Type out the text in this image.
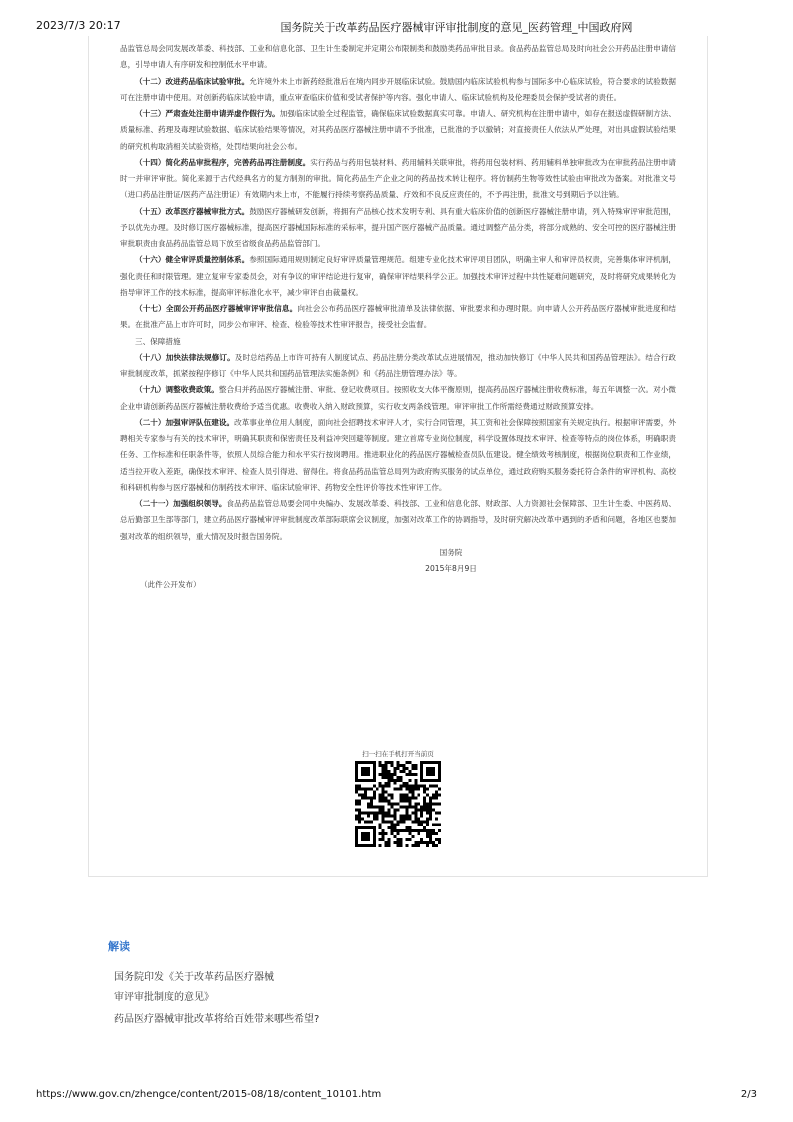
2023/7/3 20:17	国务院关于改革药品医疗器械审评审批制度的意见_医药管理_中国政府网

品监管总局会同发展改革委、科技部、工业和信息化部、卫生计生委制定并定期公布限制类和鼓励类药品审批目录。食品药品监管总局及时向社会公开药品注册申请信息，引导申请人有序研发和控制低水平申请。

（十二）改进药品临床试验审批。允许境外未上市新药经批准后在境内同步开展临床试验。鼓励国内临床试验机构参与国际多中心临床试验，符合要求的试验数据可在注册申请中使用。对创新药临床试验申请，重点审查临床价值和受试者保护等内容。强化申请人、临床试验机构及伦理委员会保护受试者的责任。

（十三）严肃查处注册申请弄虚作假行为。加强临床试验全过程监管，确保临床试验数据真实可靠。申请人、研究机构在注册申请中，如存在报送虚假研制方法、质量标准、药理及毒理试验数据、临床试验结果等情况，对其药品医疗器械注册申请不予批准，已批准的予以撤销；对直接责任人依法从严处理，对出具虚假试验结果的研究机构取消相关试验资格，处罚结果向社会公布。

（十四）简化药品审批程序，完善药品再注册制度。实行药品与药用包装材料、药用辅料关联审批，将药用包装材料、药用辅料单独审批改为在审批药品注册申请时一并审评审批。简化来源于古代经典名方的复方制剂的审批。简化药品生产企业之间的药品技术转让程序。将仿制药生物等效性试验由审批改为备案。对批准文号（进口药品注册证/医药产品注册证）有效期内未上市，不能履行持续考察药品质量、疗效和不良反应责任的，不予再注册，批准文号到期后予以注销。

（十五）改革医疗器械审批方式。鼓励医疗器械研发创新，将拥有产品核心技术发明专利、具有重大临床价值的创新医疗器械注册申请，列入特殊审评审批范围，予以优先办理。及时修订医疗器械标准，提高医疗器械国际标准的采标率，提升国产医疗器械产品质量。通过调整产品分类，将部分成熟的、安全可控的医疗器械注册审批职责由食品药品监管总局下放至省级食品药品监管部门。

（十六）健全审评质量控制体系。参照国际通用规则制定良好审评质量管理规范。组建专业化技术审评项目团队，明确主审人和审评员权责，完善集体审评机制，强化责任和时限管理。建立复审专家委员会，对有争议的审评结论进行复审，确保审评结果科学公正。加强技术审评过程中共性疑难问题研究，及时将研究成果转化为指导审评工作的技术标准，提高审评标准化水平，减少审评自由裁量权。

（十七）全面公开药品医疗器械审评审批信息。向社会公布药品医疗器械审批清单及法律依据、审批要求和办理时限。向申请人公开药品医疗器械审批进度和结果。在批准产品上市许可时，同步公布审评、检查、检验等技术性审评报告，接受社会监督。

三、保障措施

（十八）加快法律法规修订。及时总结药品上市许可持有人制度试点、药品注册分类改革试点进展情况，推动加快修订《中华人民共和国药品管理法》。结合行政审批制度改革，抓紧按程序修订《中华人民共和国药品管理法实施条例》和《药品注册管理办法》等。

（十九）调整收费政策。整合归并药品医疗器械注册、审批、登记收费项目。按照收支大体平衡原则，提高药品医疗器械注册收费标准，每五年调整一次。对小微企业申请创新药品医疗器械注册收费给予适当优惠。收费收入纳入财政预算，实行收支两条线管理。审评审批工作所需经费通过财政预算安排。

（二十）加强审评队伍建设。改革事业单位用人制度，面向社会招聘技术审评人才，实行合同管理，其工资和社会保障按照国家有关规定执行。根据审评需要，外聘相关专家参与有关的技术审评，明确其职责和保密责任及利益冲突回避等制度。建立首席专业岗位制度，科学设置体现技术审评、检查等特点的岗位体系，明确职责任务、工作标准和任职条件等，依照人员综合能力和水平实行按岗聘用。推进职业化的药品医疗器械检查员队伍建设。健全绩效考核制度，根据岗位职责和工作业绩，适当拉开收入差距，确保技术审评、检查人员引得进、留得住。将食品药品监管总局列为政府购买服务的试点单位，通过政府购买服务委托符合条件的审评机构、高校和科研机构参与医疗器械和仿制药技术审评、临床试验审评、药物安全性评价等技术性审评工作。

（二十一）加强组织领导。食品药品监管总局要会同中央编办、发展改革委、科技部、工业和信息化部、财政部、人力资源社会保障部、卫生计生委、中医药局、总后勤部卫生部等部门，建立药品医疗器械审评审批制度改革部际联席会议制度，加强对改革工作的协调指导，及时研究解决改革中遇到的矛盾和问题，各地区也要加强对改革的组织领导，重大情况及时报告国务院。

国务院

2015年8月9日

（此件公开发布）

扫一扫在手机打开当前页
解读
国务院印发《关于改革药品医疗器械
审评审批制度的意见》
药品医疗器械审批改革将给百姓带来哪些希望?
https://www.gov.cn/zhengce/content/2015-08/18/content_10101.htm	2/3
